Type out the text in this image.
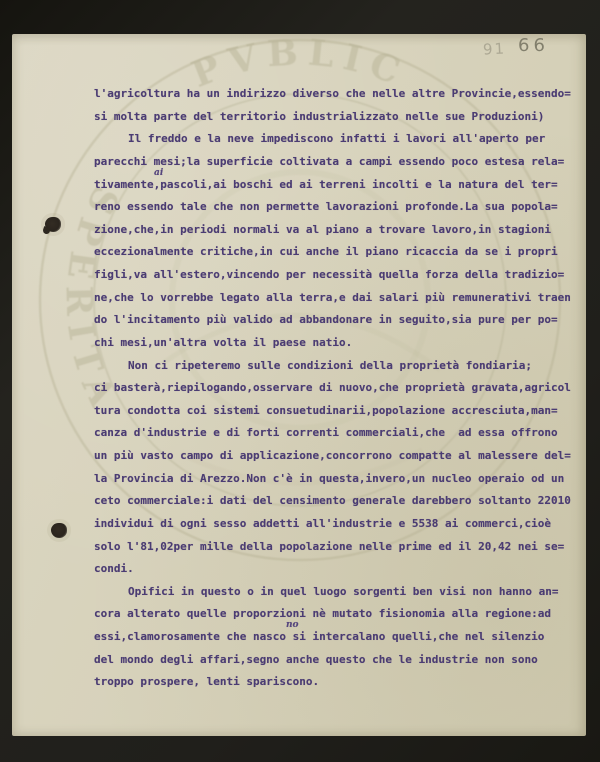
PVBLIC
SPERITA
91 66
l'agricoltura ha un indirizzo diverso che nelle altre Provincie,essendo=
si molta parte del territorio industrializzato nelle sue Produzioni)
Il freddo e la neve impediscono infatti i lavori all'aperto per
parecchi mesi;la superficie coltivata a campi essendo poco estesa rela=
tivamente,pascoli,ai boschi ed ai terreni incolti e la natura del ter=
ai
reno essendo tale che non permette lavorazioni profonde.La sua popola=
zione,che,in periodi normali va al piano a trovare lavoro,in stagioni
eccezionalmente critiche,in cui anche il piano ricaccia da se i propri
figli,va all'estero,vincendo per necessità quella forza della tradizio=
ne,che lo vorrebbe legato alla terra,e dai salari più remunerativi traen
do l'incitamento più valido ad abbandonare in seguito,sia pure per po=
chi mesi,un'altra volta il paese natio.
Non ci ripeteremo sulle condizioni della proprietà fondiaria;
ci basterà,riepilogando,osservare di nuovo,che proprietà gravata,agricol
tura condotta coi sistemi consuetudinarii,popolazione accresciuta,man=
canza d'industrie e di forti correnti commerciali,che  ad essa offrono
un più vasto campo di applicazione,concorrono compatte al malessere del=
la Provincia di Arezzo.Non c'è in questa,invero,un nucleo operaio od un
ceto commerciale:i dati del censimento generale darebbero soltanto 22010
individui di ogni sesso addetti all'industrie e 5538 ai commerci,cioè
solo l'81,02per mille della popolazione nelle prime ed il 20,42 nei se=
condi.
Opifici in questo o in quel luogo sorgenti ben visi non hanno an=
cora alterato quelle proporzioni nè mutato fisionomia alla regione:ad
essi,clamorosamente che nasco si intercalano quelli,che nel silenzio
no
del mondo degli affari,segno anche questo che le industrie non sono
troppo prospere, lenti spariscono.
